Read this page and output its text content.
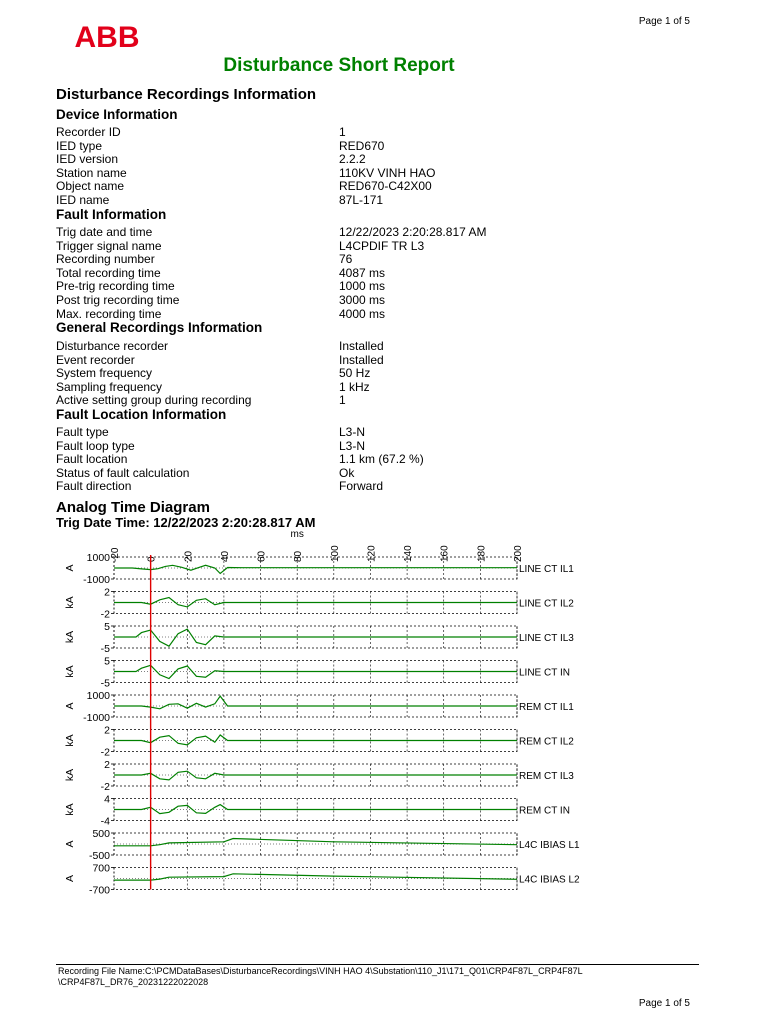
ABB	Page 1 of 5
Disturbance Short Report
Disturbance Recordings Information
Device Information
Recorder ID	1
IED type	RED670
IED version	2.2.2
Station name	110KV VINH HAO
Object name	RED670-C42X00
IED name	87L-171
Fault Information
Trig date and time	12/22/2023 2:20:28.817 AM
Trigger signal name	L4CPDIF TR L3
Recording number	76
Total recording time	4087 ms
Pre-trig recording time	1000 ms
Post trig recording time	3000 ms
Max. recording time	4000 ms
General Recordings Information
Disturbance recorder	Installed
Event recorder	Installed
System frequency	50 Hz
Sampling frequency	1 kHz
Active setting group during recording	1
Fault Location Information
Fault type	L3-N
Fault loop type	L3-N
Fault location	1.1 km (67.2 %)
Status of fault calculation	Ok
Fault direction	Forward
Analog Time Diagram
Trig Date Time: 12/22/2023 2:20:28.817 AM
ms
-20	0	20	40	60	80	100	120	140	160	180	200
1000
-1000
A	LINE CT IL1
2
-2
kA	LINE CT IL2
5
-5
kA	LINE CT IL3
5
-5
kA	LINE CT IN
1000
-1000
A	REM CT IL1
2
-2
kA	REM CT IL2
2
-2
kA	REM CT IL3
4
-4
kA	REM CT IN
500
-500
A	L4C IBIAS L1
700
-700
A	L4C IBIAS L2
Recording File Name:C:\PCMDataBases\DisturbanceRecordings\VINH HAO 4\Substation\110_J1\171_Q01\CRP4F87L_CRP4F87L
\CRP4F87L_DR76_20231222022028
Page 1 of 5
